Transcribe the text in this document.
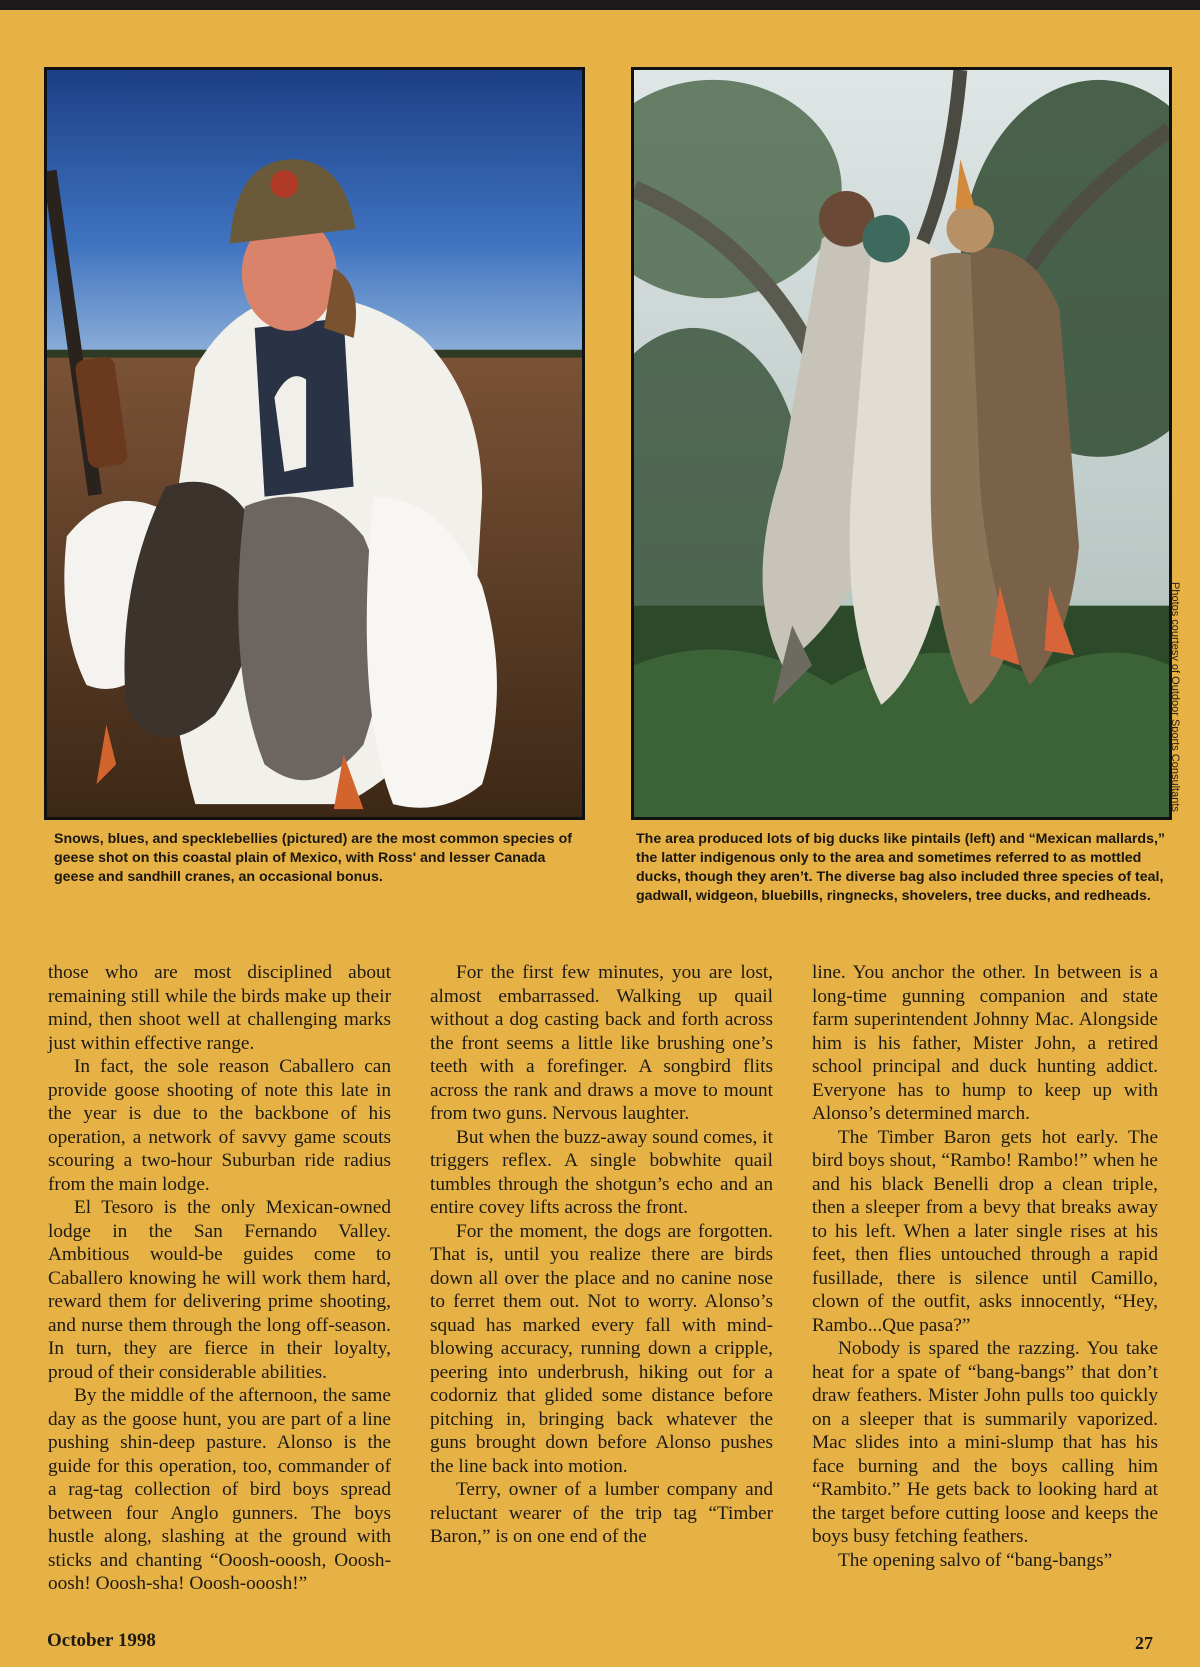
Photos courtesy of Outdoor Sports Consultants
Snows, blues, and specklebellies (pictured) are the most common species of geese shot on this coastal plain of Mexico, with Ross' and lesser Canada geese and sandhill cranes, an occasional bonus.
The area produced lots of big ducks like pintails (left) and “Mexican mallards,” the latter indigenous only to the area and sometimes referred to as mottled ducks, though they aren’t. The diverse bag also included three species of teal, gadwall, widgeon, bluebills, ringnecks, shovelers, tree ducks, and redheads.

those who are most disciplined about remaining still while the birds make up their mind, then shoot well at challenging marks just within effective range.

In fact, the sole reason Caballero can provide goose shooting of note this late in the year is due to the backbone of his operation, a network of savvy game scouts scouring a two-hour Suburban ride radius from the main lodge.

El Tesoro is the only Mexican-owned lodge in the San Fernando Valley. Ambitious would-be guides come to Caballero knowing he will work them hard, reward them for delivering prime shooting, and nurse them through the long off-season. In turn, they are fierce in their loyalty, proud of their considerable abilities.

By the middle of the afternoon, the same day as the goose hunt, you are part of a line pushing shin-deep pasture. Alonso is the guide for this operation, too, commander of a rag-tag collection of bird boys spread between four Anglo gunners. The boys hustle along, slashing at the ground with sticks and chanting “Ooosh-ooosh, Ooosh-oosh! Ooosh-sha! Ooosh-ooosh!”

For the first few minutes, you are lost, almost embarrassed. Walking up quail without a dog casting back and forth across the front seems a little like brushing one’s teeth with a forefinger. A songbird flits across the rank and draws a move to mount from two guns. Nervous laughter.

But when the buzz-away sound comes, it triggers reflex. A single bobwhite quail tumbles through the shotgun’s echo and an entire covey lifts across the front.

For the moment, the dogs are forgotten. That is, until you realize there are birds down all over the place and no canine nose to ferret them out. Not to worry. Alonso’s squad has marked every fall with mind-blowing accuracy, running down a cripple, peering into underbrush, hiking out for a codorniz that glided some distance before pitching in, bringing back whatever the guns brought down before Alonso pushes the line back into motion.

Terry, owner of a lumber company and reluctant wearer of the trip tag “Timber Baron,” is on one end of the

line. You anchor the other. In between is a long-time gunning companion and state farm superintendent Johnny Mac. Alongside him is his father, Mister John, a retired school principal and duck hunting addict. Everyone has to hump to keep up with Alonso’s determined march.

The Timber Baron gets hot early. The bird boys shout, “Rambo! Rambo!” when he and his black Benelli drop a clean triple, then a sleeper from a bevy that breaks away to his left. When a later single rises at his feet, then flies untouched through a rapid fusillade, there is silence until Camillo, clown of the outfit, asks innocently, “Hey, Rambo...Que pasa?”

Nobody is spared the razzing. You take heat for a spate of “bang-bangs” that don’t draw feathers. Mister John pulls too quickly on a sleeper that is summarily vaporized. Mac slides into a mini-slump that has his face burning and the boys calling him “Rambito.” He gets back to looking hard at the target before cutting loose and keeps the boys busy fetching feathers.

The opening salvo of “bang-bangs”

October 1998	27
